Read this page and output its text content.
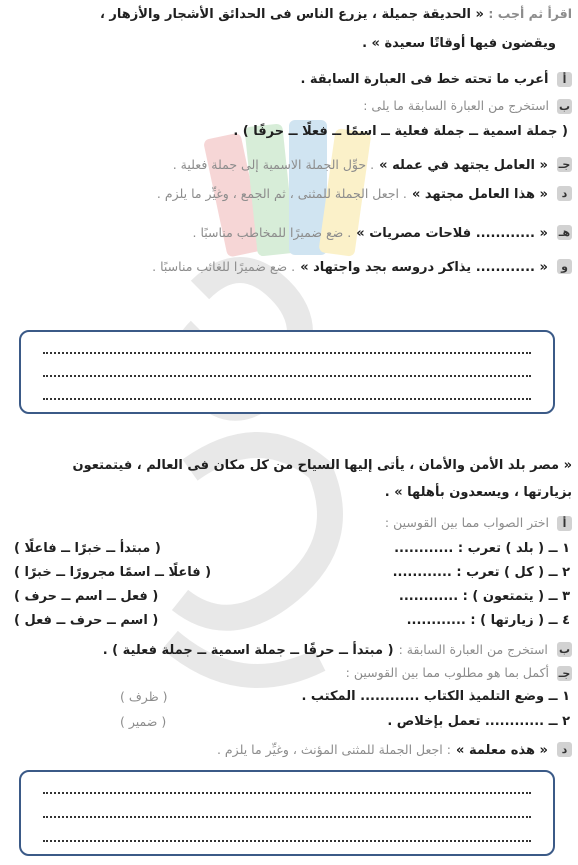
اقرأ ثم أجب : « الحديقة جميلة ، يزرع الناس فى الحدائق الأشجار والأزهار ،
ويقضون فيها أوقاتًا سعيدة » .
أ أعرب ما تحته خط فى العبارة السابقة .
ب استخرج من العبارة السابقة ما يلى :
( جملة اسمية ــ جملة فعلية ــ اسمًا ــ فعلًا ــ حرفًا ) .
جـ « العامل يجتهد في عمله » . حوِّل الجملة الاسمية إلى جملة فعلية .
د « هذا العامل مجتهد » . اجعل الجملة للمثنى ، ثم الجمع ، وغيِّر ما يلزم .
هـ « ............ فلاحات مصريات » . ضع ضميرًا للمخاطب مناسبًا .
و « ............ يذاكر دروسه بجد واجتهاد » . ضع ضميرًا للغائب مناسبًا .
« مصر بلد الأمن والأمان ، يأتى إليها السياح من كل مكان فى العالم ، فيتمتعون
بزيارتها ، ويسعدون بأهلها » .
أ اختر الصواب مما بين القوسين :
١ ــ ( بلد ) تعرب : ............
( مبتدأ ــ خبرًا ــ فاعلًا )
٢ ــ ( كل ) تعرب : ............
( فاعلًا ــ اسمًا مجرورًا ــ خبرًا )
٣ ــ ( يتمتعون ) : ............
( فعل ــ اسم ــ حرف )
٤ ــ ( زيارتها ) : ............
( اسم ــ حرف ــ فعل )
ب استخرج من العبارة السابقة : ( مبتدأ ــ حرفًا ــ جملة اسمية ــ جملة فعلية ) .
جـ أكمل بما هو مطلوب مما بين القوسين :
١ ــ وضع التلميذ الكتاب ............ المكتب .
( ظرف )
٢ ــ ............ تعمل بإخلاص .
( ضمير )
د « هذه معلمة » : اجعل الجملة للمثنى المؤنث ، وغيِّر ما يلزم .
